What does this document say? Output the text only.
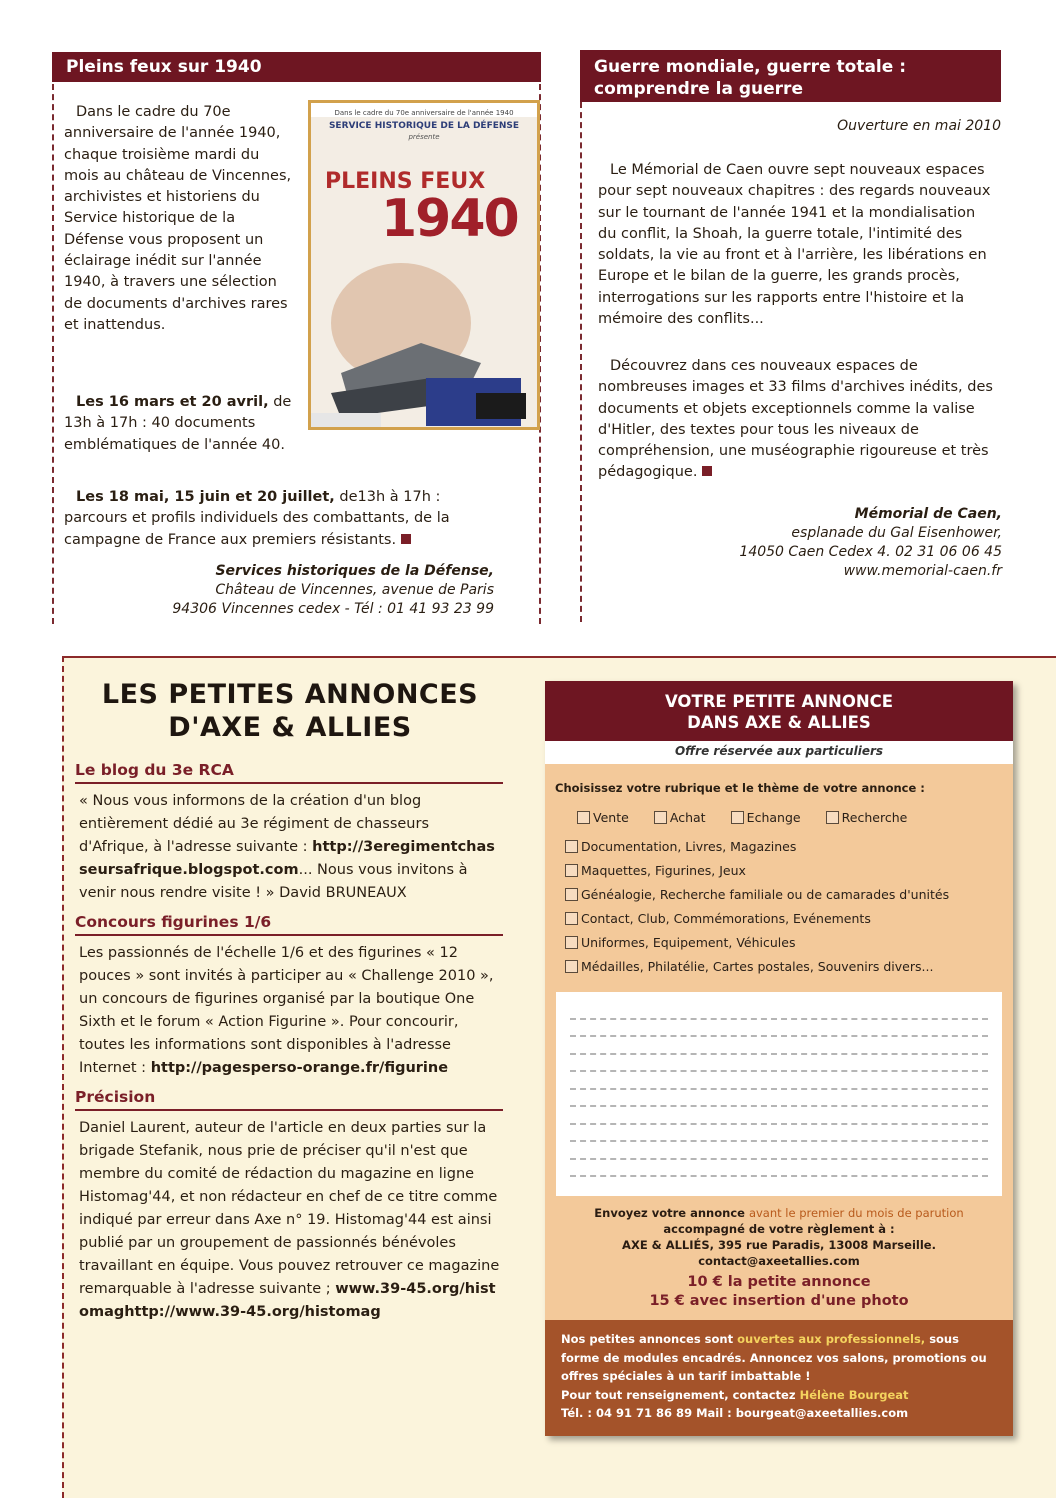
Pleins feux sur 1940

Dans le cadre du 70e anniversaire de l'année 1940, chaque troisième mardi du mois au château de Vincennes, archivistes et historiens du Service historique de la Défense vous proposent un éclairage inédit sur l'année 1940, à travers une sélection de documents d'archives rares et inattendus.

Dans le cadre du 70e anniversaire de l'année 1940
SERVICE HISTORIQUE DE LA DÉFENSE
présente
PLEINS FEUX
1940

Les 16 mars et 20 avril, de 13h à 17h : 40 documents emblématiques de l'année 40.

Les 18 mai, 15 juin et 20 juillet, de13h à 17h : parcours et profils individuels des combattants, de la campagne de France aux premiers résistants.

Services historiques de la Défense,
Château de Vincennes, avenue de Paris
94306 Vincennes cedex - Tél : 01 41 93 23 99
Guerre mondiale, guerre totale : comprendre la guerre
Ouverture en mai 2010

Le Mémorial de Caen ouvre sept nouveaux espaces pour sept nouveaux chapitres : des regards nouveaux sur le tournant de l'année 1941 et la mondialisation du conflit, la Shoah, la guerre totale, l'intimité des soldats, la vie au front et à l'arrière, les libérations en Europe et le bilan de la guerre, les grands procès, interrogations sur les rapports entre l'histoire et la mémoire des conflits...

Découvrez dans ces nouveaux espaces de nombreuses images et 33 films d'archives inédits, des documents et objets exceptionnels comme la valise d'Hitler, des textes pour tous les niveaux de compréhension, une muséographie rigoureuse et très pédagogique.

Mémorial de Caen,
esplanade du Gal Eisenhower,
14050 Caen Cedex 4. 02 31 06 06 45
www.memorial-caen.fr
LES PETITES ANNONCES
D'AXE & ALLIES
Le blog du 3e RCA

« Nous vous informons de la création d'un blog entièrement dédié au 3e régiment de chasseurs d'Afrique, à l'adresse suivante : http://3eregimentchasseursafrique.blogspot.com... Nous vous invitons à venir nous rendre visite ! » David BRUNEAUX

Concours figurines 1/6

Les passionnés de l'échelle 1/6 et des figurines « 12 pouces » sont invités à participer au « Challenge 2010 », un concours de figurines organisé par la boutique One Sixth et le forum « Action Figurine ». Pour concourir, toutes les informations sont disponibles à l'adresse Internet : http://pagesperso-orange.fr/figurine

Précision

Daniel Laurent, auteur de l'article en deux parties sur la brigade Stefanik, nous prie de préciser qu'il n'est que membre du comité de rédaction du magazine en ligne Histomag'44, et non rédacteur en chef de ce titre comme indiqué par erreur dans Axe n° 19. Histomag'44 est ainsi publié par un groupement de passionnés bénévoles travaillant en équipe. Vous pouvez retrouver ce magazine remarquable à l'adresse suivante ; www.39-45.org/histomaghttp://www.39-45.org/histomag

VOTRE PETITE ANNONCE
DANS AXE & ALLIES
Offre réservée aux particuliers
Choisissez votre rubrique et le thème de votre annonce :
Vente	Achat	Echange	Recherche
Documentation, Livres, Magazines
Maquettes, Figurines, Jeux
Généalogie, Recherche familiale ou de camarades d'unités
Contact, Club, Commémorations, Evénements
Uniformes, Equipement, Véhicules
Médailles, Philatélie, Cartes postales, Souvenirs divers...
Envoyez votre annonce avant le premier du mois de parution
accompagné de votre règlement à :
AXE & ALLIÉS, 395 rue Paradis, 13008 Marseille.
contact@axeetallies.com
10 € la petite annonce
15 € avec insertion d'une photo
Nos petites annonces sont ouvertes aux professionnels, sous forme de modules encadrés. Annoncez vos salons, promotions ou offres spéciales à un tarif imbattable !
Pour tout renseignement, contactez Hélène Bourgeat
Tél. : 04 91 71 86 89 Mail : bourgeat@axeetallies.com
